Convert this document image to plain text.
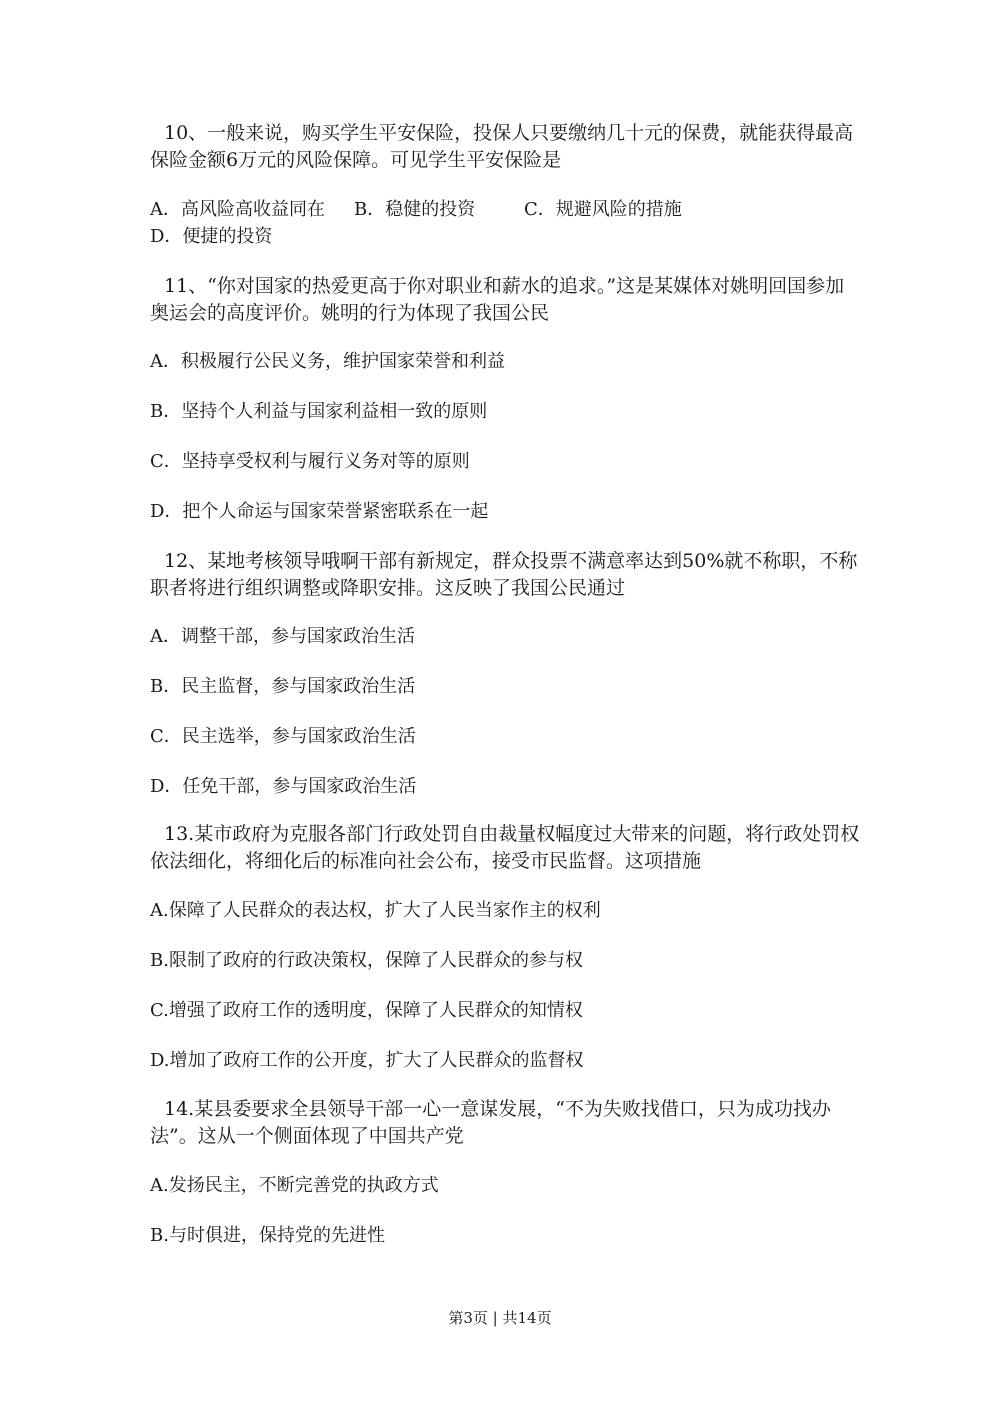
10、一般来说，购买学生平安保险，投保人只要缴纳几十元的保费，就能获得最高保险金额6万元的风险保障。可见学生平安保险是
A．高风险高收益同在 B．稳健的投资	C．规避风险的措施
D．便捷的投资
11、“你对国家的热爱更高于你对职业和薪水的追求。”这是某媒体对姚明回国参加奥运会的高度评价。姚明的行为体现了我国公民
A．积极履行公民义务，维护国家荣誉和利益
B．坚持个人利益与国家利益相一致的原则
C．坚持享受权利与履行义务对等的原则
D．把个人命运与国家荣誉紧密联系在一起
12、某地考核领导哦啊干部有新规定，群众投票不满意率达到50%就不称职，不称职者将进行组织调整或降职安排。这反映了我国公民通过
A．调整干部，参与国家政治生活
B．民主监督，参与国家政治生活
C．民主选举，参与国家政治生活
D．任免干部，参与国家政治生活
13.某市政府为克服各部门行政处罚自由裁量权幅度过大带来的问题，将行政处罚权依法细化，将细化后的标准向社会公布，接受市民监督。这项措施
A.保障了人民群众的表达权，扩大了人民当家作主的权利
B.限制了政府的行政决策权，保障了人民群众的参与权
C.增强了政府工作的透明度，保障了人民群众的知情权
D.增加了政府工作的公开度，扩大了人民群众的监督权
14.某县委要求全县领导干部一心一意谋发展，“不为失败找借口，只为成功找办法”。这从一个侧面体现了中国共产党
A.发扬民主，不断完善党的执政方式
B.与时俱进，保持党的先进性
第3页 | 共14页
